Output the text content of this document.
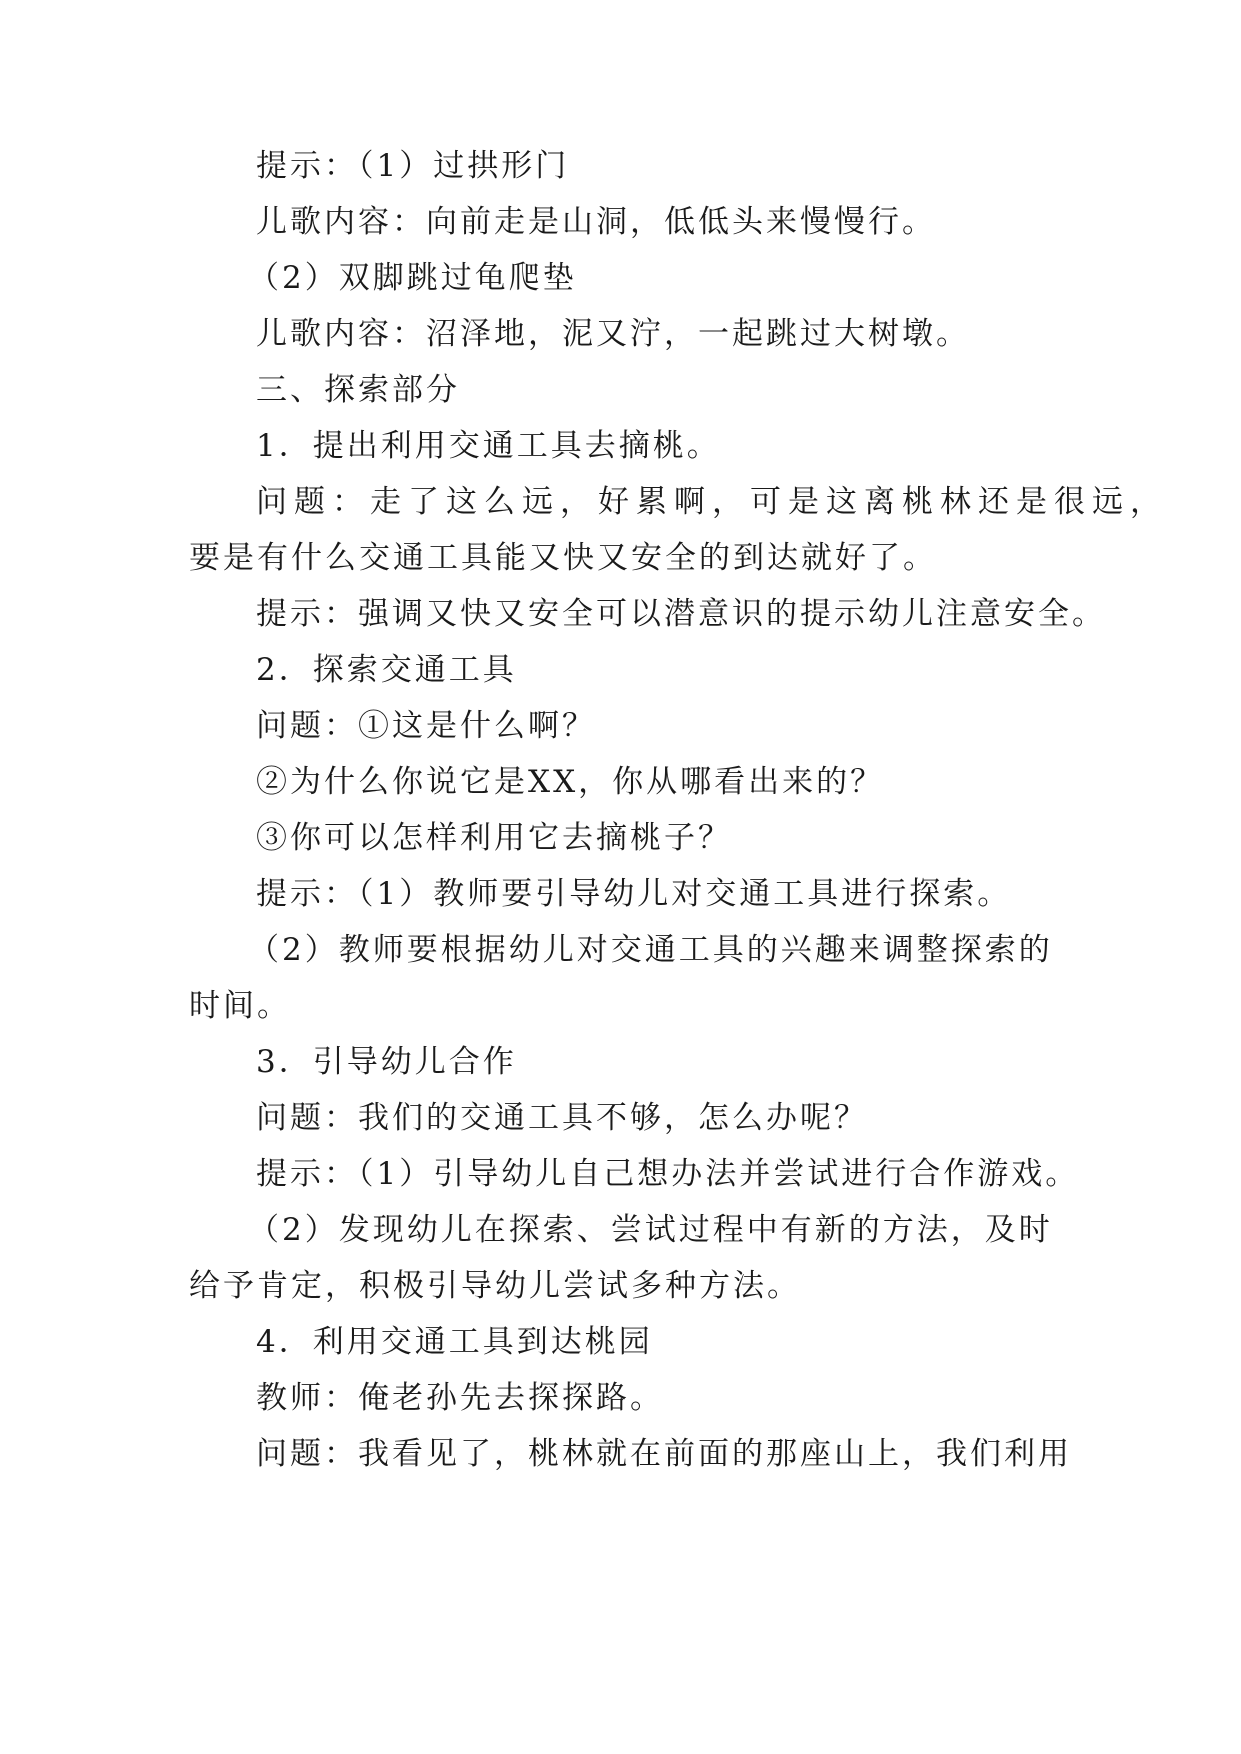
提示：（1）过拱形门
儿歌内容：向前走是山洞，低低头来慢慢行。
（2）双脚跳过龟爬垫
儿歌内容：沼泽地，泥又泞，一起跳过大树墩。
三、探索部分
1．提出利用交通工具去摘桃。
问题：走了这么远，好累啊，可是这离桃林还是很远，
要是有什么交通工具能又快又安全的到达就好了。
提示：强调又快又安全可以潜意识的提示幼儿注意安全。
2．探索交通工具
问题：①这是什么啊？
②为什么你说它是XX，你从哪看出来的？
③你可以怎样利用它去摘桃子？
提示：（1）教师要引导幼儿对交通工具进行探索。
（2）教师要根据幼儿对交通工具的兴趣来调整探索的
时间。
3．引导幼儿合作
问题：我们的交通工具不够，怎么办呢？
提示：（1）引导幼儿自己想办法并尝试进行合作游戏。
（2）发现幼儿在探索、尝试过程中有新的方法，及时
给予肯定，积极引导幼儿尝试多种方法。
4．利用交通工具到达桃园
教师：俺老孙先去探探路。
问题：我看见了，桃林就在前面的那座山上，我们利用
